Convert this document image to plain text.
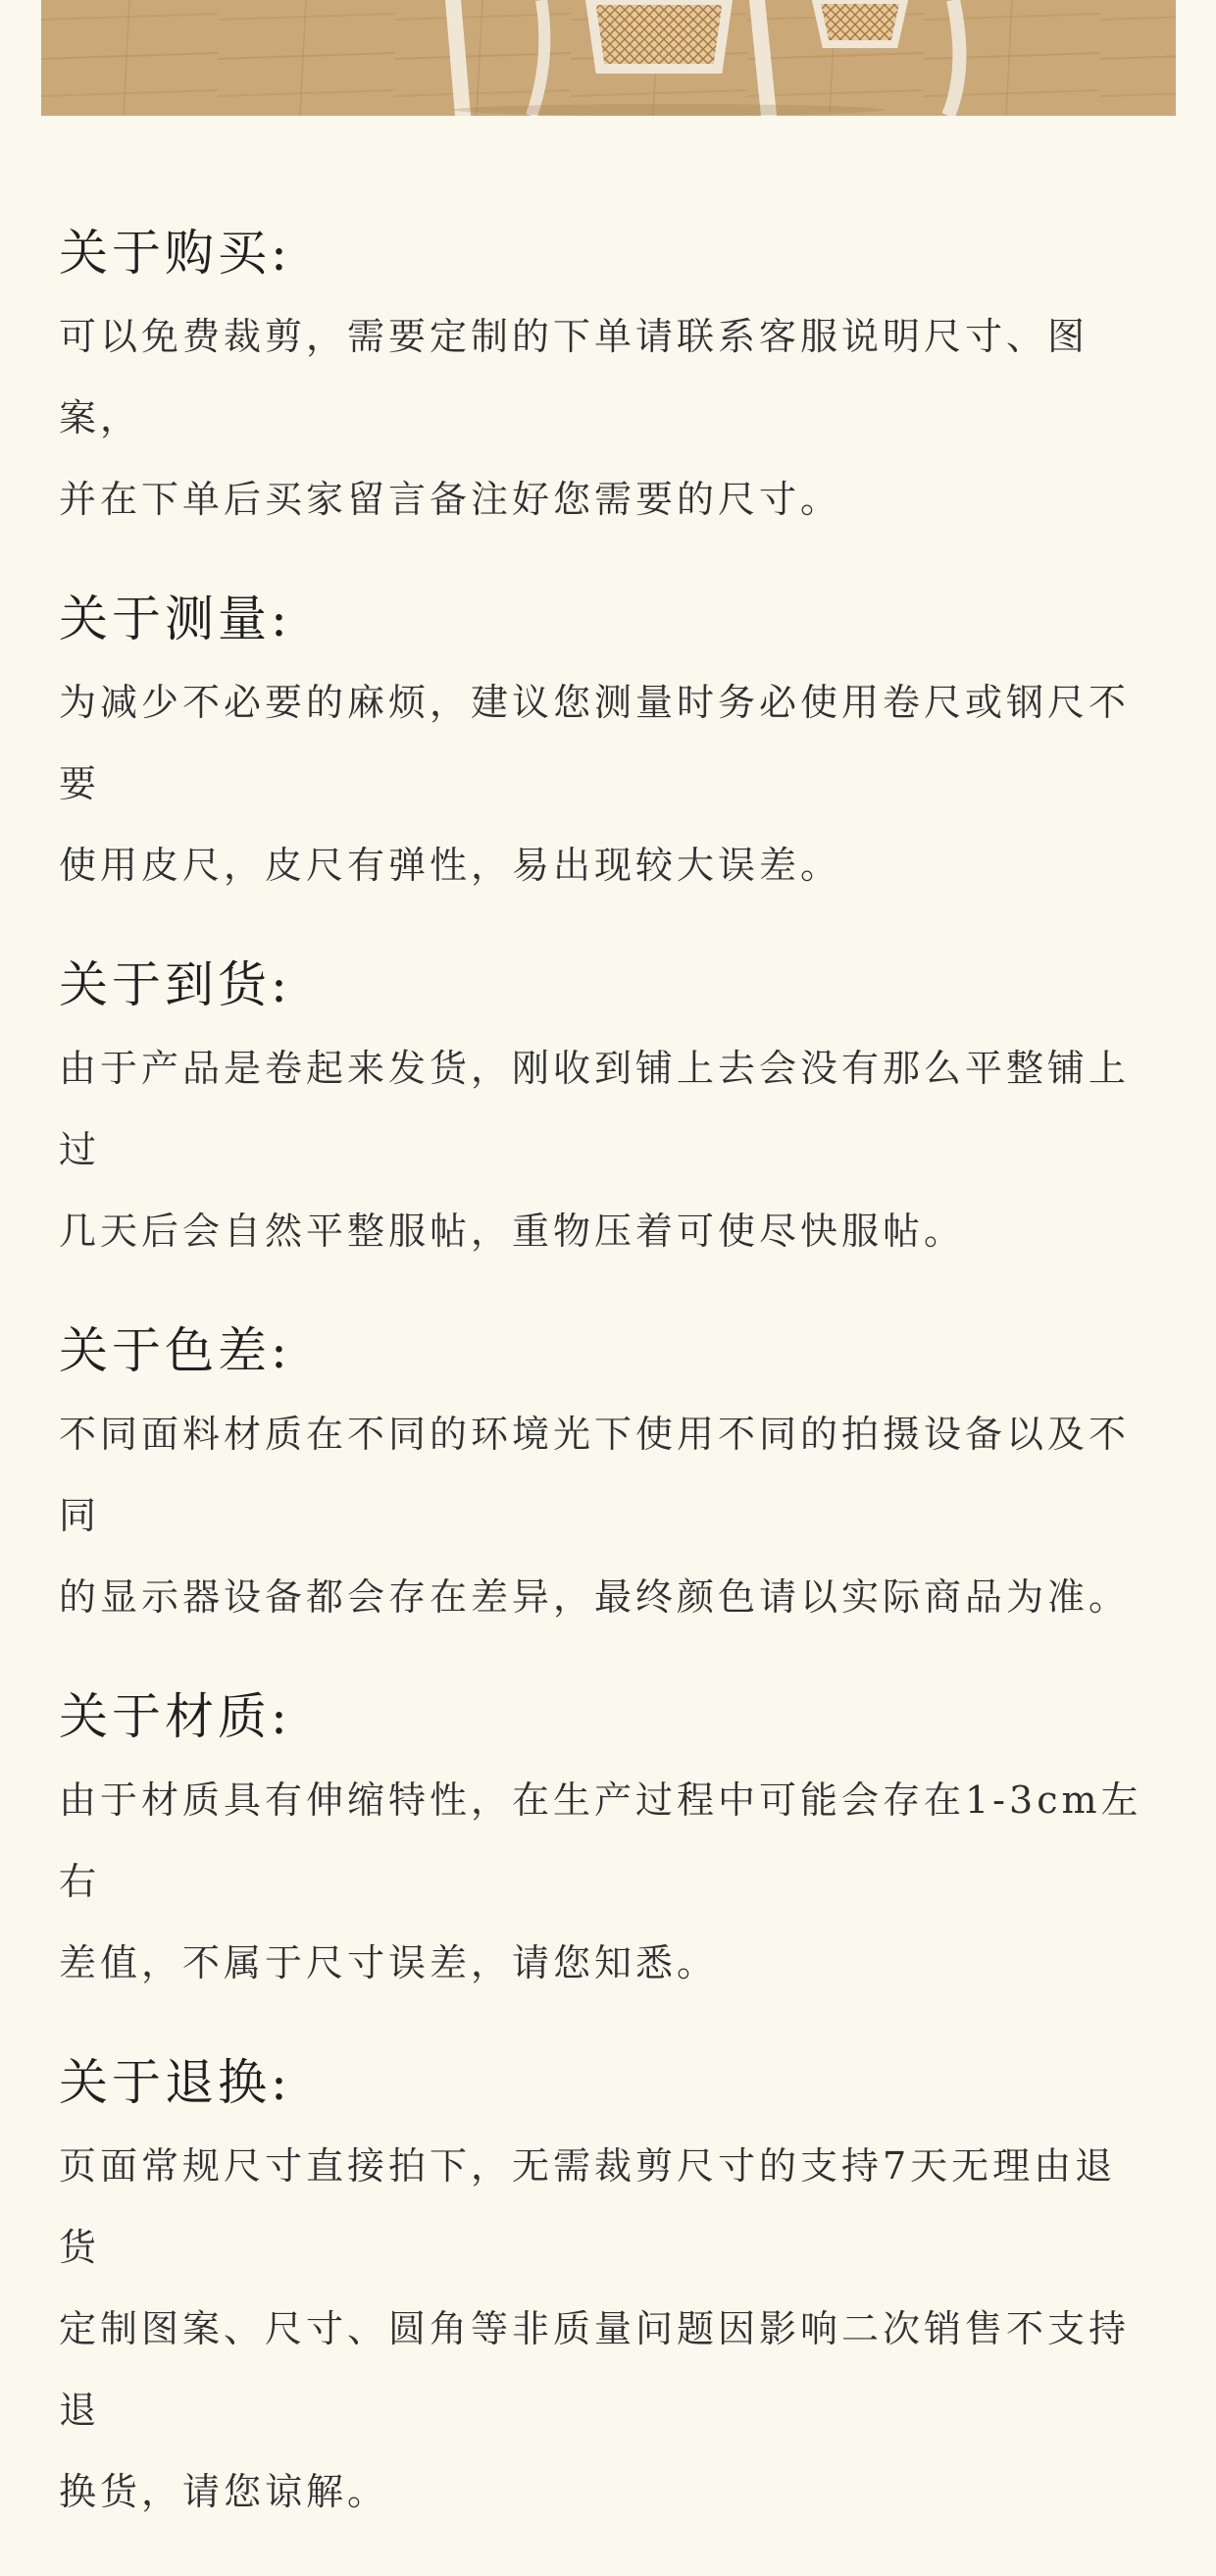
关于购买:

可以免费裁剪，需要定制的下单请联系客服说明尺寸、图案，
并在下单后买家留言备注好您需要的尺寸。

关于测量:

为减少不必要的麻烦，建议您测量时务必使用卷尺或钢尺不要
使用皮尺，皮尺有弹性，易出现较大误差。

关于到货:

由于产品是卷起来发货，刚收到铺上去会没有那么平整铺上过
几天后会自然平整服帖，重物压着可使尽快服帖。

关于色差:

不同面料材质在不同的环境光下使用不同的拍摄设备以及不同
的显示器设备都会存在差异，最终颜色请以实际商品为准。

关于材质:

由于材质具有伸缩特性，在生产过程中可能会存在1-3cm左右
差值，不属于尺寸误差，请您知悉。

关于退换:

页面常规尺寸直接拍下，无需裁剪尺寸的支持7天无理由退货
定制图案、尺寸、圆角等非质量问题因影响二次销售不支持退
换货，请您谅解。
